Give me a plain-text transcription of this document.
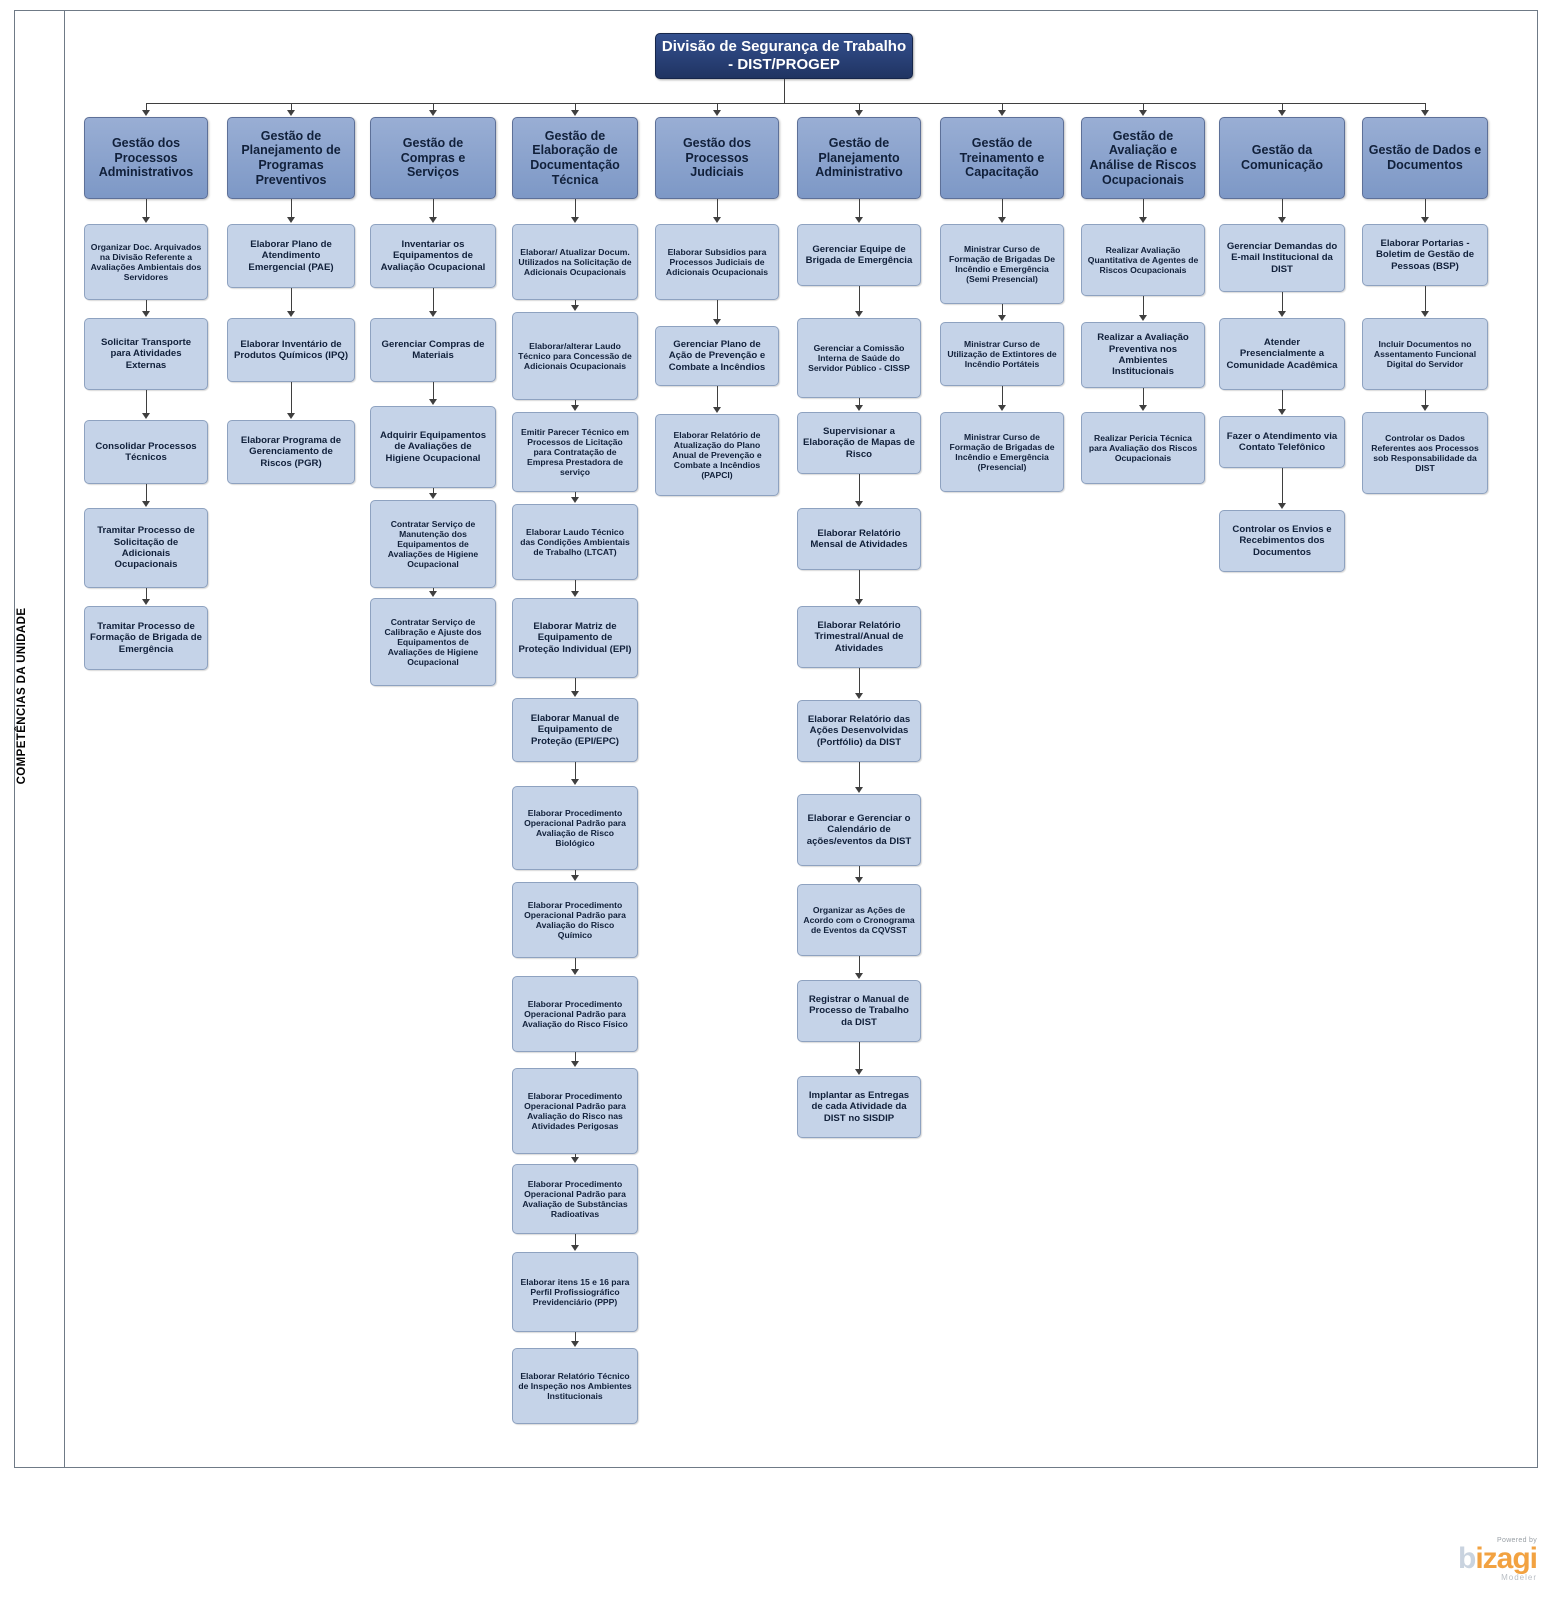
COMPETÊNCIAS DA UNIDADE
Divisão de Segurança de Trabalho - DIST/PROGEP
Gestão dos Processos Administrativos
Organizar Doc. Arquivados na Divisão Referente a Avaliações Ambientais dos Servidores
Solicitar Transporte para Atividades Externas
Consolidar Processos Técnicos
Tramitar Processo de Solicitação de Adicionais Ocupacionais
Tramitar Processo de Formação de Brigada de Emergência
Gestão de Planejamento de Programas Preventivos
Elaborar Plano de Atendimento Emergencial (PAE)
Elaborar Inventário de Produtos Químicos (IPQ)
Elaborar Programa de Gerenciamento de Riscos (PGR)
Gestão de Compras e Serviços
Inventariar os Equipamentos de Avaliação Ocupacional
Gerenciar Compras de Materiais
Adquirir Equipamentos de Avaliações de Higiene Ocupacional
Contratar Serviço de Manutenção dos Equipamentos de Avaliações de Higiene Ocupacional
Contratar Serviço de Calibração e Ajuste dos Equipamentos de Avaliações de Higiene Ocupacional
Gestão de Elaboração de Documentação Técnica
Elaborar/ Atualizar Docum. Utilizados na Solicitação de Adicionais Ocupacionais
Elaborar/alterar Laudo Técnico para Concessão de Adicionais Ocupacionais
Emitir Parecer Técnico em Processos de Licitação para Contratação de Empresa Prestadora de serviço
Elaborar Laudo Técnico das Condições Ambientais de Trabalho (LTCAT)
Elaborar Matriz de Equipamento de Proteção Individual (EPI)
Elaborar Manual de Equipamento de Proteção (EPI/EPC)
Elaborar Procedimento Operacional Padrão para Avaliação de Risco Biológico
Elaborar Procedimento Operacional Padrão para Avaliação do Risco Químico
Elaborar Procedimento Operacional Padrão para Avaliação do Risco Físico
Elaborar Procedimento Operacional Padrão para Avaliação do Risco nas Atividades Perigosas
Elaborar Procedimento Operacional Padrão para Avaliação de Substâncias Radioativas
Elaborar itens 15 e 16 para Perfil Profissiográfico Previdenciário (PPP)
Elaborar Relatório Técnico de Inspeção nos Ambientes Institucionais
Gestão dos Processos Judiciais
Elaborar Subsidios para Processos Judiciais de Adicionais Ocupacionais
Gerenciar Plano de Ação de Prevenção e Combate a Incêndios
Elaborar Relatório de Atualização do Plano Anual de Prevenção e Combate a Incêndios (PAPCI)
Gestão de Planejamento Administrativo
Gerenciar Equipe de Brigada de Emergência
Gerenciar a Comissão Interna de Saúde do Servidor Público - CISSP
Supervisionar a Elaboração de Mapas de Risco
Elaborar Relatório Mensal de Atividades
Elaborar Relatório Trimestral/Anual de Atividades
Elaborar Relatório das Ações Desenvolvidas (Portfólio) da DIST
Elaborar e Gerenciar o Calendário de ações/eventos da DIST
Organizar as Ações de Acordo com o Cronograma de Eventos da CQVSST
Registrar o Manual de Processo de Trabalho da DIST
Implantar as Entregas de cada Atividade da DIST no SISDIP
Gestão de Treinamento e Capacitação
Ministrar Curso de Formação de Brigadas De Incêndio e Emergência (Semi Presencial)
Ministrar Curso de Utilização de Extintores de Incêndio Portáteis
Ministrar Curso de Formação de Brigadas de Incêndio e Emergência (Presencial)
Gestão de Avaliação e Análise de Riscos Ocupacionais
Realizar Avaliação Quantitativa de Agentes de Riscos Ocupacionais
Realizar a Avaliação Preventiva nos Ambientes Institucionais
Realizar Pericia Técnica para Avaliação dos Riscos Ocupacionais
Gestão da Comunicação
Gerenciar Demandas do E-mail Institucional da DIST
Atender Presencialmente a Comunidade Acadêmica
Fazer o Atendimento via Contato Telefônico
Controlar os Envios e Recebimentos dos Documentos
Gestão de Dados e Documentos
Elaborar Portarias - Boletim de Gestão de Pessoas (BSP)
Incluir Documentos no Assentamento Funcional Digital do Servidor
Controlar os Dados Referentes aos Processos sob Responsabilidade da DIST
Powered by
bizagi
Modeler
